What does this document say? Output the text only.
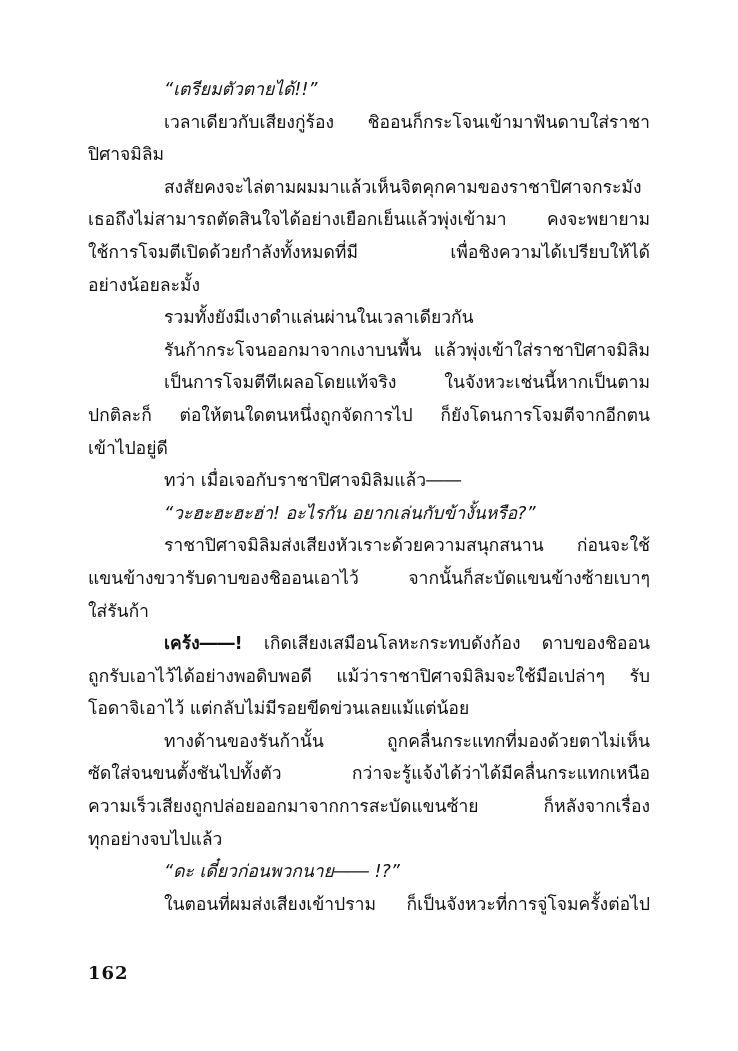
“เตรียมตัวตายได้!!”
เวลาเดียวกับเสียงกู่ร้อง ชิออนก็กระโจนเข้ามาฟันดาบใส่ราชา
ปิศาจมิลิม
สงสัยคงจะไล่ตามผมมาแล้วเห็นจิตคุกคามของราชาปิศาจกระมัง
เธอถึงไม่สามารถตัดสินใจได้อย่างเยือกเย็นแล้วพุ่งเข้ามา คงจะพยายาม
ใช้การโจมตีเปิดด้วยกำลังทั้งหมดที่มี เพื่อชิงความได้เปรียบให้ได้
อย่างน้อยละมั้ง
รวมทั้งยังมีเงาดำแล่นผ่านในเวลาเดียวกัน
รันก้ากระโจนออกมาจากเงาบนพื้น แล้วพุ่งเข้าใส่ราชาปิศาจมิลิม
เป็นการโจมตีทีเผลอโดยแท้จริง ในจังหวะเช่นนี้หากเป็นตาม
ปกติละก็ ต่อให้ตนใดตนหนึ่งถูกจัดการไป ก็ยังโดนการโจมตีจากอีกตน
เข้าไปอยู่ดี
ทว่า เมื่อเจอกับราชาปิศาจมิลิมแล้ว――
“วะฮะฮะฮะฮ่า! อะไรกัน อยากเล่นกับข้างั้นหรือ?”
ราชาปิศาจมิลิมส่งเสียงหัวเราะด้วยความสนุกสนาน ก่อนจะใช้
แขนข้างขวารับดาบของชิออนเอาไว้ จากนั้นก็สะบัดแขนข้างซ้ายเบาๆ
ใส่รันก้า
เคร้ง――! เกิดเสียงเสมือนโลหะกระทบดังก้อง ดาบของชิออน
ถูกรับเอาไว้ได้อย่างพอดิบพอดี แม้ว่าราชาปิศาจมิลิมจะใช้มือเปล่าๆ รับ
โอดาจิเอาไว้ แต่กลับไม่มีรอยขีดข่วนเลยแม้แต่น้อย
ทางด้านของรันก้านั้น ถูกคลื่นกระแทกที่มองด้วยตาไม่เห็น
ซัดใส่จนขนตั้งชันไปทั้งตัว กว่าจะรู้แจ้งได้ว่าได้มีคลื่นกระแทกเหนือ
ความเร็วเสียงถูกปล่อยออกมาจากการสะบัดแขนซ้าย ก็หลังจากเรื่อง
ทุกอย่างจบไปแล้ว
“ดะ เดี๋ยวก่อนพวกนาย―― !?”
ในตอนที่ผมส่งเสียงเข้าปราม ก็เป็นจังหวะที่การจู่โจมครั้งต่อไป
162
